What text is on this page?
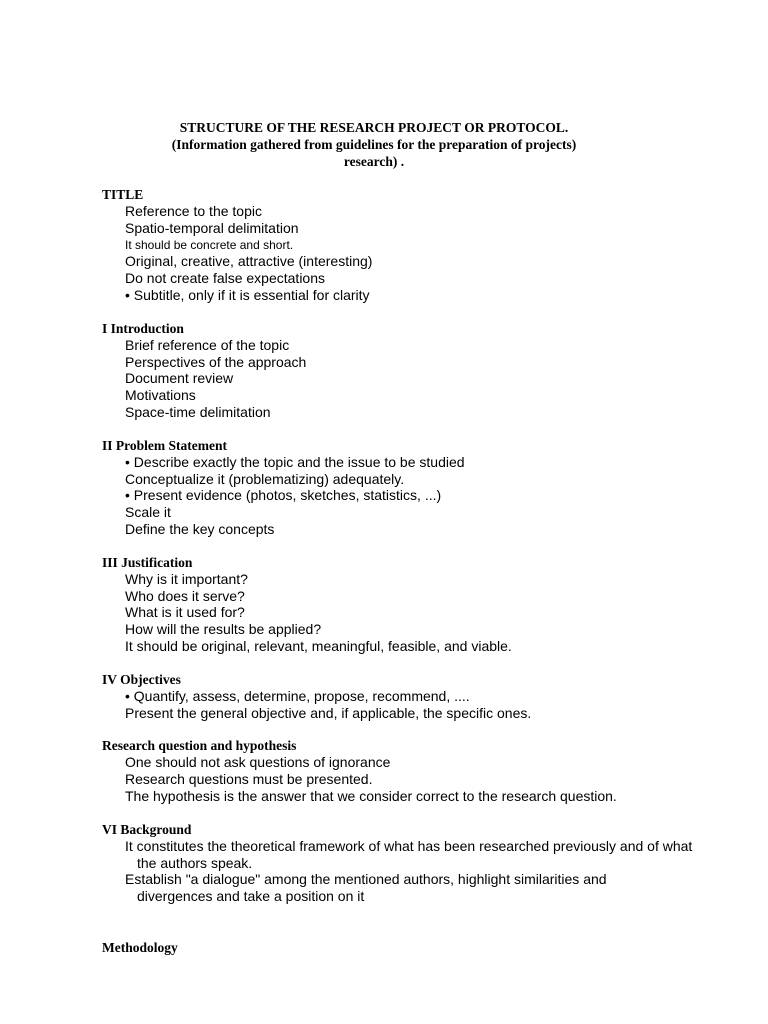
STRUCTURE OF THE RESEARCH PROJECT OR PROTOCOL.
(Information gathered from guidelines for the preparation of projects)
research) .
TITLE
Reference to the topic
Spatio-temporal delimitation
It should be concrete and short.
Original, creative, attractive (interesting)
Do not create false expectations
• Subtitle, only if it is essential for clarity
I Introduction
Brief reference of the topic
Perspectives of the approach
Document review
Motivations
Space-time delimitation
II Problem Statement
• Describe exactly the topic and the issue to be studied
Conceptualize it (problematizing) adequately.
• Present evidence (photos, sketches, statistics, ...)
Scale it
Define the key concepts
III Justification
Why is it important?
Who does it serve?
What is it used for?
How will the results be applied?
It should be original, relevant, meaningful, feasible, and viable.
IV Objectives
• Quantify, assess, determine, propose, recommend, ....
Present the general objective and, if applicable, the specific ones.
Research question and hypothesis
One should not ask questions of ignorance
Research questions must be presented.
The hypothesis is the answer that we consider correct to the research question.
VI Background
It constitutes the theoretical framework of what has been researched previously and of what
the authors speak.
Establish "a dialogue" among the mentioned authors, highlight similarities and
divergences and take a position on it
Methodology
